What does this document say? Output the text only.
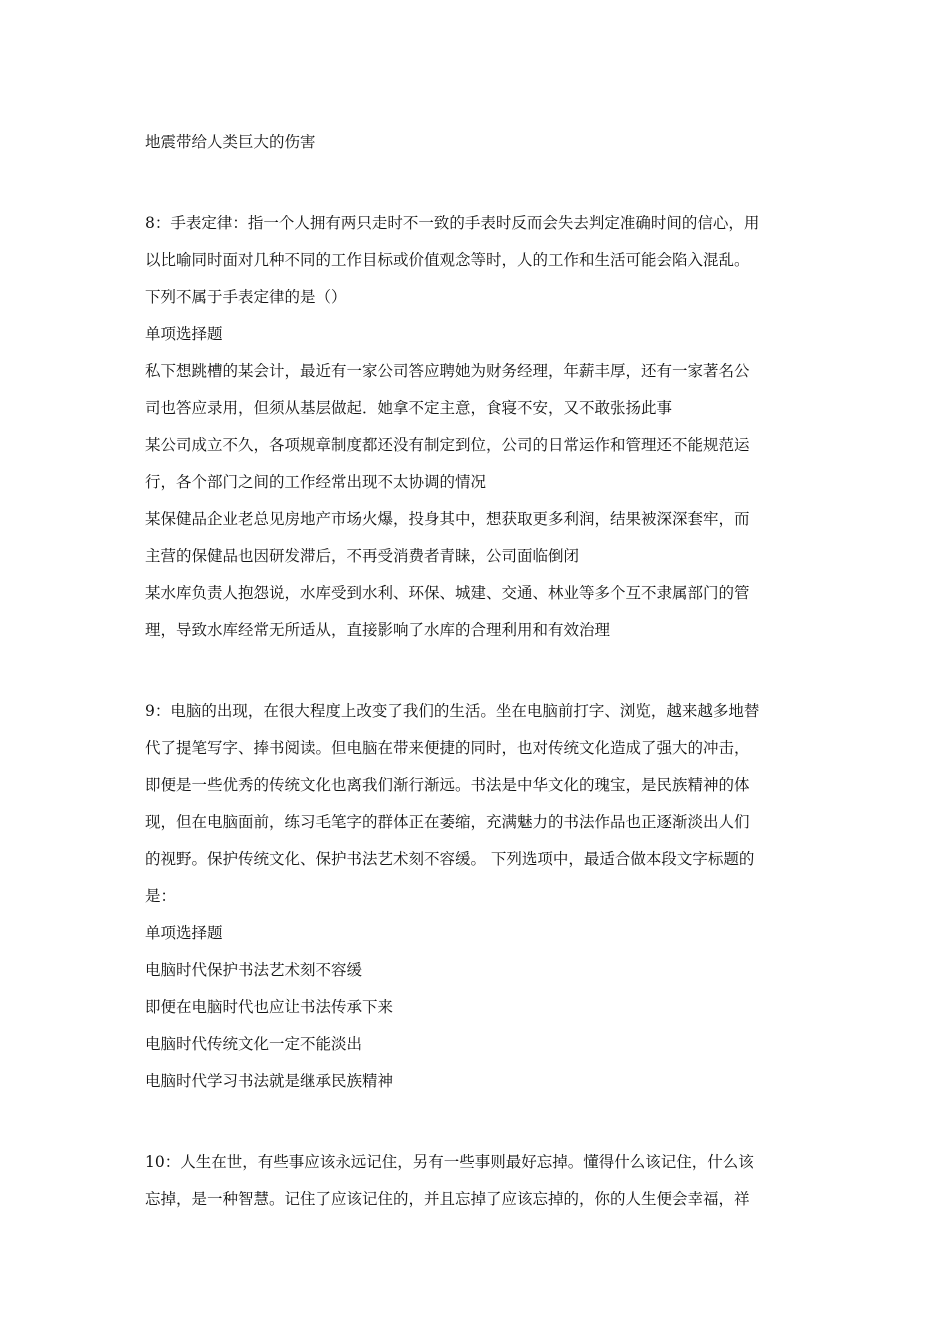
地震带给人类巨大的伤害

8：手表定律：指一个人拥有两只走时不一致的手表时反而会失去判定准确时间的信心，用

以比喻同时面对几种不同的工作目标或价值观念等时，人的工作和生活可能会陷入混乱。

下列不属于手表定律的是（）

单项选择题

私下想跳槽的某会计，最近有一家公司答应聘她为财务经理，年薪丰厚，还有一家著名公

司也答应录用，但须从基层做起．她拿不定主意，食寝不安，又不敢张扬此事

某公司成立不久，各项规章制度都还没有制定到位，公司的日常运作和管理还不能规范运

行，各个部门之间的工作经常出现不太协调的情况

某保健品企业老总见房地产市场火爆，投身其中，想获取更多利润，结果被深深套牢，而

主营的保健品也因研发滞后，不再受消费者青睐，公司面临倒闭

某水库负责人抱怨说，水库受到水利、环保、城建、交通、林业等多个互不隶属部门的管

理，导致水库经常无所适从，直接影响了水库的合理利用和有效治理

9：电脑的出现，在很大程度上改变了我们的生活。坐在电脑前打字、浏览，越来越多地替

代了提笔写字、捧书阅读。但电脑在带来便捷的同时，也对传统文化造成了强大的冲击，

即便是一些优秀的传统文化也离我们渐行渐远。书法是中华文化的瑰宝，是民族精神的体

现，但在电脑面前，练习毛笔字的群体正在萎缩，充满魅力的书法作品也正逐渐淡出人们

的视野。保护传统文化、保护书法艺术刻不容缓。 下列选项中，最适合做本段文字标题的

是：

单项选择题

电脑时代保护书法艺术刻不容缓

即便在电脑时代也应让书法传承下来

电脑时代传统文化一定不能淡出

电脑时代学习书法就是继承民族精神

10：人生在世，有些事应该永远记住，另有一些事则最好忘掉。懂得什么该记住，什么该

忘掉，是一种智慧。记住了应该记住的，并且忘掉了应该忘掉的，你的人生便会幸福，祥
